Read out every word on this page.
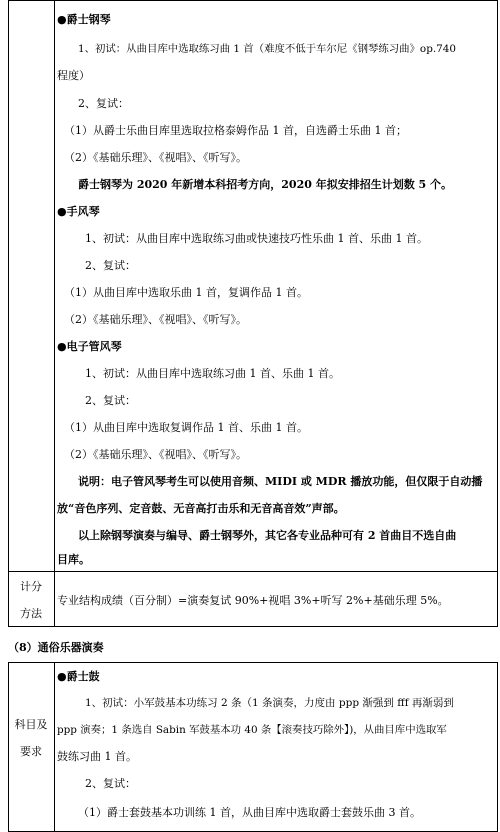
●爵士钢琴
1、初试：从曲目库中选取练习曲 1 首（难度不低于车尔尼《钢琴练习曲》op.740
程度）
2、复试：
（1）从爵士乐曲目库里选取拉格泰姆作品 1 首，自选爵士乐曲 1 首；
（2）《基础乐理》、《视唱》、《听写》。
爵士钢琴为 2020 年新增本科招考方向，2020 年拟安排招生计划数 5 个。
●手风琴
1、初试：从曲目库中选取练习曲或快速技巧性乐曲 1 首、乐曲 1 首。
2、复试：
（1）从曲目库中选取乐曲 1 首，复调作品 1 首。
（2）《基础乐理》、《视唱》、《听写》。
●电子管风琴
1、初试：从曲目库中选取练习曲 1 首、乐曲 1 首。
2、复试：
（1）从曲目库中选取复调作品 1 首、乐曲 1 首。
（2）《基础乐理》、《视唱》、《听写》。
说明：电子管风琴考生可以使用音频、MIDI 或 MDR 播放功能，但仅限于自动播
放“音色序列、定音鼓、无音高打击乐和无音高音效”声部。
以上除钢琴演奏与编导、爵士钢琴外，其它各专业品种可有 2 首曲目不选自曲
目库。
计分
方法
专业结构成绩（百分制）=演奏复试 90%+视唱 3%+听写 2%+基础乐理 5%。
（8）通俗乐器演奏
科目及
要求
●爵士鼓
1、初试：小军鼓基本功练习 2 条（1 条演奏，力度由 ppp 渐强到 fff 再渐弱到
ppp 演奏；1 条选自 Sabin 军鼓基本功 40 条【滚奏技巧除外】)，从曲目库中选取军
鼓练习曲 1 首。
2、复试：
（1）爵士套鼓基本功训练 1 首，从曲目库中选取爵士套鼓乐曲 3 首。
